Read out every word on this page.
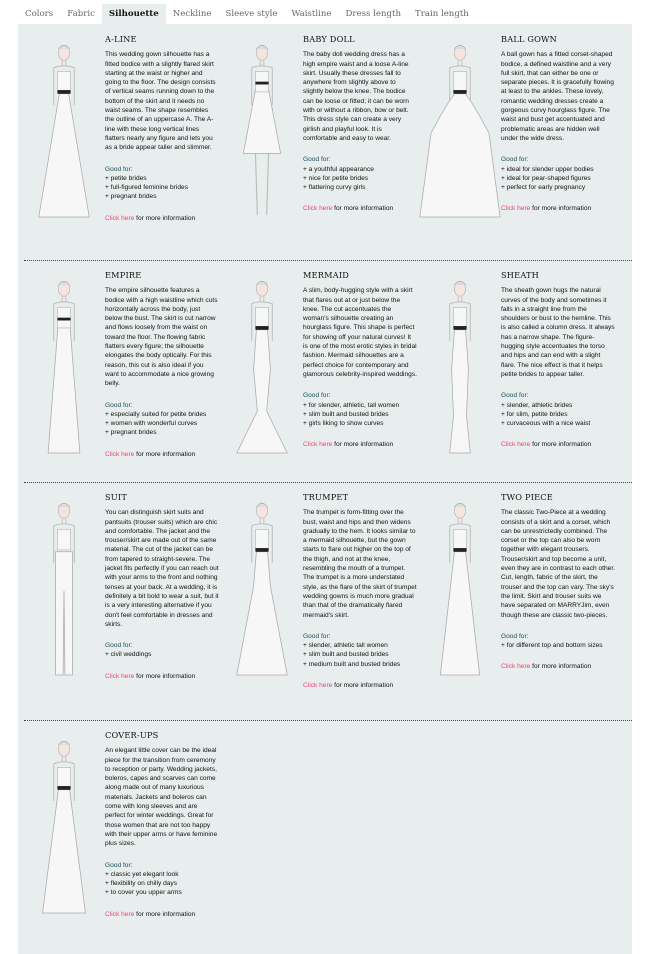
Colors	Fabric	Silhouette	Neckline	Sleeve style	Waistline	Dress length	Train length
A-LINE

This wedding gown silhouette has a fitted bodice with a slightly flared skirt starting at the waist or higher and going to the floor. The design consists of vertical seams running down to the bottom of the skirt and it needs no waist seams. The shape resembles the outline of an uppercase A. The A-line with these long vertical lines flatters nearly any figure and lets you as a bride appear taller and slimmer.

Good for:
+ petite brides
+ full-figured feminine brides
+ pregnant brides
Click here for more information
BABY DOLL

The baby doll wedding dress has a high empire waist and a loose A-line skirt. Usually these dresses fall to anywhere from slightly above to slightly below the knee. The bodice can be loose or fitted; it can be worn with or without a ribbon, bow or belt. This dress style can create a very girlish and playful look. It is comfortable and easy to wear.

Good for:
+ a youthful appearance
+ nice for petite brides
+ flattering curvy girls
Click here for more information
BALL GOWN

A ball gown has a fitted corset-shaped bodice, a defined waistline and a very full skirt, that can either be one or separate pieces. It is gracefully flowing at least to the ankles. These lovely, romantic wedding dresses create a gorgeous curvy hourglass figure. The waist and bust get accentuated and problematic areas are hidden well under the wide dress.

Good for:
+ ideal for slender upper bodies
+ ideal for pear-shaped figures
+ perfect for early pregnancy
Click here for more information
EMPIRE

The empire silhouette features a bodice with a high waistline which cuts horizontally across the body, just below the bust. The skirt is cut narrow and flows loosely from the waist on toward the floor. The flowing fabric flatters every figure; the silhouette elongates the body optically. For this reason, this cut is also ideal if you want to accommodate a nice growing belly.

Good for:
+ especially suited for petite brides
+ women with wonderful curves
+ pregnant brides
Click here for more information
MERMAID

A slim, body-hugging style with a skirt that flares out at or just below the knee. The cut accentuates the woman's silhouette creating an hourglass figure. This shape is perfect for showing off your natural curves! It is one of the most erotic styles in bridal fashion. Mermaid silhouettes are a perfect choice for contemporary and glamorous celebrity-inspired weddings.

Good for:
+ for slender, athletic, tall women
+ slim built and busted brides
+ girls liking to show curves
Click here for more information
SHEATH

The sheath gown hugs the natural curves of the body and sometimes it falls in a straight line from the shoulders or bust to the hemline. This is also called a column dress. It always has a narrow shape. The figure-hugging style accentuates the torso and hips and can end with a slight flare. The nice effect is that it helps petite brides to appear taller.

Good for:
+ slender, athletic brides
+ for slim, petite brides
+ curvaceous with a nice waist
Click here for more information
SUIT

You can distinguish skirt suits and pantsuits (trouser suits) which are chic and comfortable. The jacket and the trouser/skirt are made out of the same material. The cut of the jacket can be from tapered to straight-severe. The jacket fits perfectly if you can reach out with your arms to the front and nothing tenses at your back. At a wedding, it is definitely a bit bold to wear a suit, but it is a very interesting alternative if you don't feel comfortable in dresses and skirts.

Good for:
+ civil weddings
Click here for more information
TRUMPET

The trumpet is form-fitting over the bust, waist and hips and then widens gradually to the hem. It looks similar to a mermaid silhouette, but the gown starts to flare out higher on the top of the thigh, and not at the knee, resembling the mouth of a trumpet. The trumpet is a more understated style, as the flare of the skirt of trumpet wedding gowns is much more gradual than that of the dramatically flared mermaid's skirt.

Good for:
+ slender, athletic tall women
+ slim built and busted brides
+ medium built and busted brides
Click here for more information
TWO PIECE

The classic Two-Piece at a wedding consists of a skirt and a corset, which can be unrestrictedly combined. The corset or the top can also be worn together with elegant trousers. Trouser/skirt and top become a unit, even they are in contrast to each other. Cut, length, fabric of the skirt, the trouser and the top can vary. The sky's the limit. Skirt and trouser suits we have separated on MARRYJim, even though these are classic two-pieces.

Good for:
+ for different top and bottom sizes
Click here for more information
COVER-UPS

An elegant little cover can be the ideal piece for the transition from ceremony to reception or party. Wedding jackets, boleros, capes and scarves can come along made out of many luxurious materials. Jackets and boleros can come with long sleeves and are perfect for winter weddings. Great for those women that are not too happy with their upper arms or have feminine plus sizes.

Good for:
+ classic yet elegant look
+ flexibility on chilly days
+ to cover you upper arms
Click here for more information
